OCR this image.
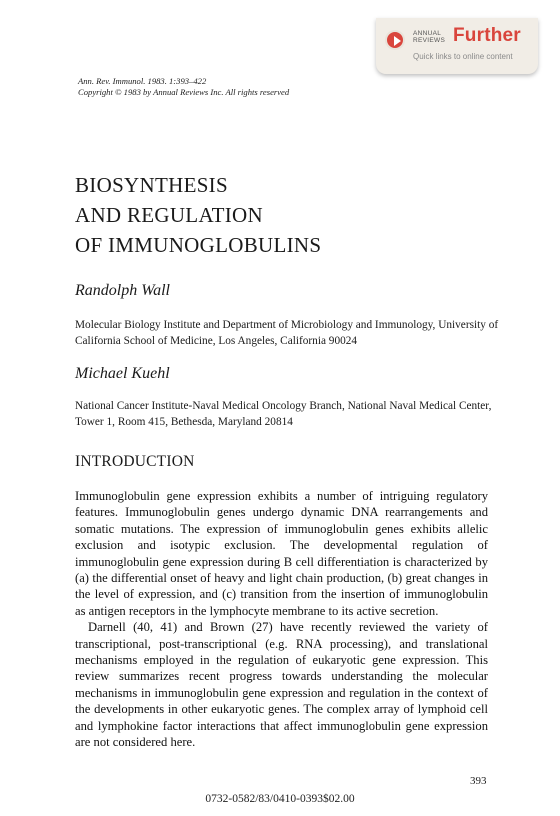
ANNUAL
REVIEWS Further
Quick links to online content
Ann. Rev. Immunol. 1983. 1:393–422
Copyright © 1983 by Annual Reviews Inc. All rights reserved
BIOSYNTHESIS
AND REGULATION
OF IMMUNOGLOBULINS
Randolph Wall
Molecular Biology Institute and Department of Microbiology and Immunology, University of California School of Medicine, Los Angeles, California 90024
Michael Kuehl
National Cancer Institute-Naval Medical Oncology Branch, National Naval Medical Center, Tower 1, Room 415, Bethesda, Maryland 20814
INTRODUCTION

Immunoglobulin gene expression exhibits a number of intriguing regulatory features. Immunoglobulin genes undergo dynamic DNA rearrangements and somatic mutations. The expression of immunoglobulin genes exhibits allelic exclusion and isotypic exclusion. The developmental regulation of immunoglobulin gene expression during B cell differentiation is characterized by (a) the differential onset of heavy and light chain production, (b) great changes in the level of expression, and (c) transition from the insertion of immunoglobulin as antigen receptors in the lymphocyte membrane to its active secretion.

Darnell (40, 41) and Brown (27) have recently reviewed the variety of transcriptional, post-transcriptional (e.g. RNA processing), and translational mechanisms employed in the regulation of eukaryotic gene expression. This review summarizes recent progress towards understanding the molecular mechanisms in immunoglobulin gene expression and regulation in the context of the developments in other eukaryotic genes. The complex array of lymphoid cell and lymphokine factor interactions that affect immunoglobulin gene expression are not considered here.

393
0732-0582/83/0410-0393$02.00
